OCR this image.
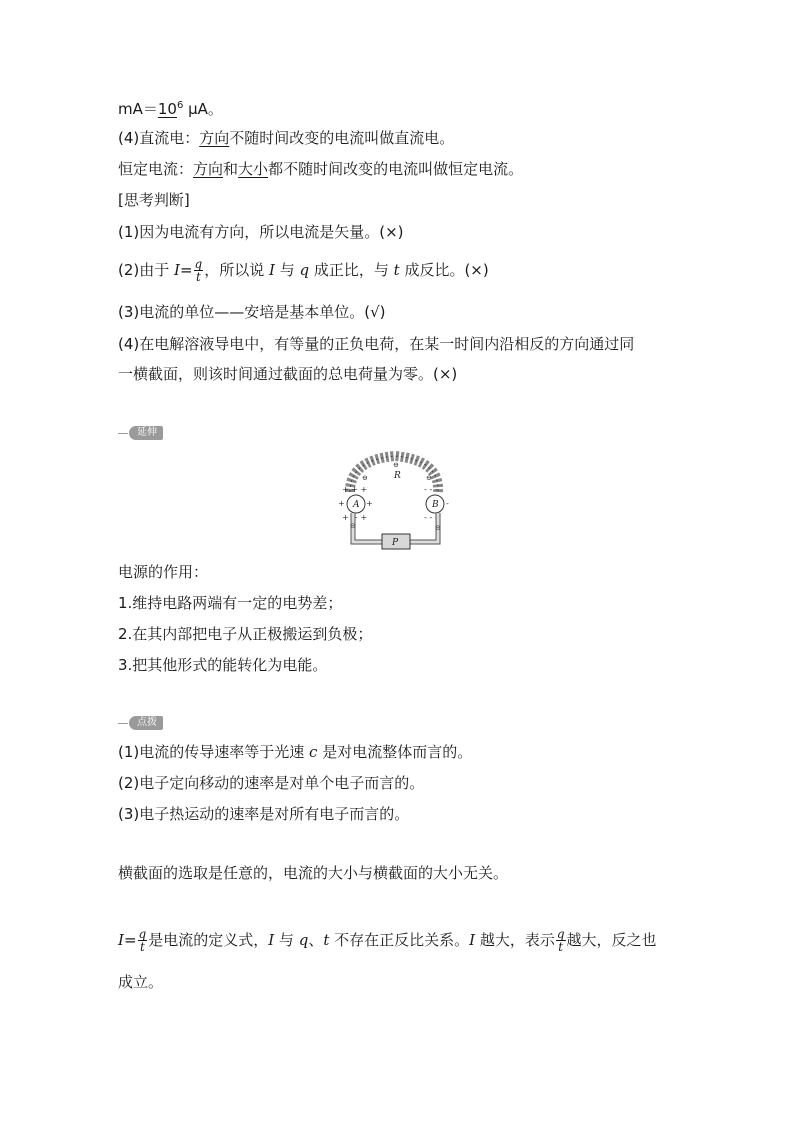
$mA=10^6$ μA。
(4)直流电：方向不随时间改变的电流叫做直流电。
恒定电流：方向和大小都不随时间改变的电流叫做恒定电流。
[思考判断]
(1)因为电流有方向，所以电流是矢量。(×)
(2)由于 $I= \frac{q}{t}$ ，所以说 I 与 q 成正比，与 t 成反比。(×)
(3)电流的单位——安培是基本单位。(√)
(4)在电解溶液导电中，有等量的正负电荷，在某一时间内沿相反的方向通过同
一横截面，则该时间通过截面的总电荷量为零。(×)
延伸
⊖
⊖	⊖
R
+ + +
+	+
+ + +
A
- - -
-
- - -
B
⊖	⊖
P
电源的作用：
1.维持电路两端有一定的电势差；
2.在其内部把电子从正极搬运到负极；
3.把其他形式的能转化为电能。
点拨
(1)电流的传导速率等于光速 c 是对电流整体而言的。
(2)电子定向移动的速率是对单个电子而言的。
(3)电子热运动的速率是对所有电子而言的。
横截面的选取是任意的，电流的大小与横截面的大小无关。
$I= \frac{q}{t}$ 是电流的定义式，I 与 q、t 不存在正反比关系。I 越大，表示 $\frac{q}{t}$ 越大，反之也
成立。
